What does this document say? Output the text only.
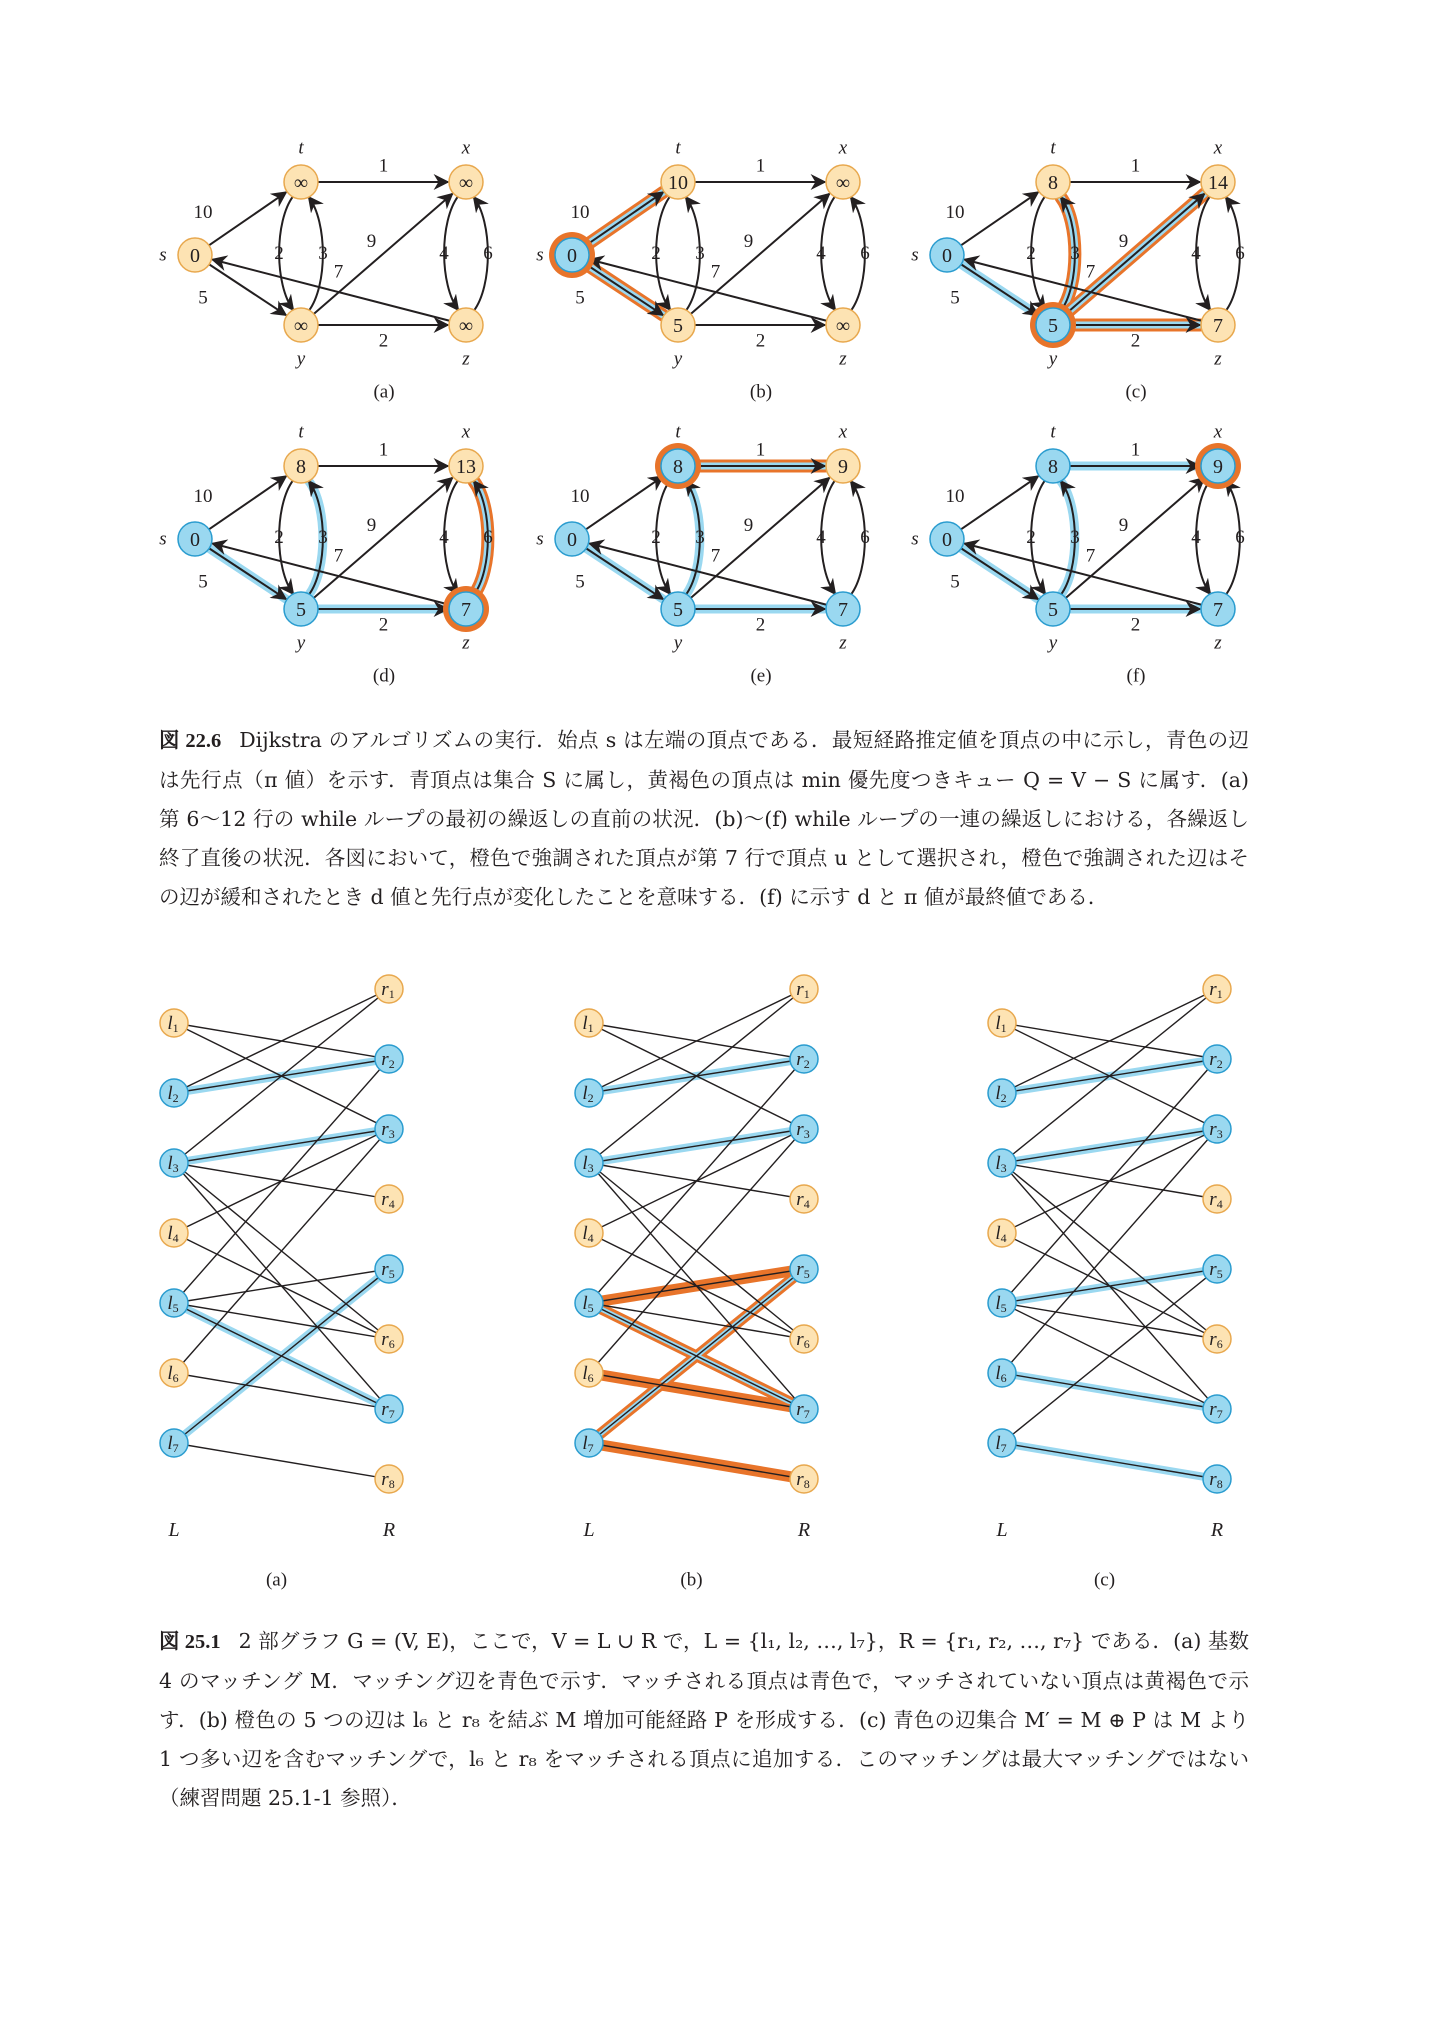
10
5
1
2 3
9
4 6
7
2
0
s
∞
t
∞
x
∞
y
∞
z
(a)
10
5
1
2 3
9
4 6
7
2
0
s
10
t
∞
x
5
y
∞
z
(b)
10
5
1
2 3
9
4 6
7
2
0
s
8
t
14
x
5
y
7
z
(c)
10
5
1
2 3
9
4 6
7
2
0
s
8
t
13
x
5
y
7
z
(d)
10
5
1
2 3
9
4 6
7
2
0
s
8
t
9
x
5
y
7
z
(e)
10
5
1
2 3
9
4 6
7
2
0
s
8
t
9
x
5
y
7
z
(f)
図 22.6 Dijkstra のアルゴリズムの実行．始点 s は左端の頂点である．最短経路推定値を頂点の中に示し，青色の辺は先行点（π 値）を示す．青頂点は集合 S に属し，黄褐色の頂点は min 優先度つきキュー Q = V − S に属す．(a) 第 6〜12 行の while ループの最初の繰返しの直前の状況．(b)〜(f) while ループの一連の繰返しにおける，各繰返し終了直後の状況．各図において，橙色で強調された頂点が第 7 行で頂点 u として選択され，橙色で強調された辺はその辺が緩和されたとき d 値と先行点が変化したことを意味する．(f) に示す d と π 値が最終値である．
$l_1$
$l_2$
$l_3$
$l_4$
$l_5$
$l_6$
$l_7$
$r_1$
$r_2$
$r_3$
$r_4$
$r_5$
$r_6$
$r_7$
$r_8$
L	R
(a)
$l_1$
$l_2$
$l_3$
$l_4$
$l_5$
$l_6$
$l_7$
$r_1$
$r_2$
$r_3$
$r_4$
$r_5$
$r_6$
$r_7$
$r_8$
L	R
(b)
$l_1$
$l_2$
$l_3$
$l_4$
$l_5$
$l_6$
$l_7$
$r_1$
$r_2$
$r_3$
$r_4$
$r_5$
$r_6$
$r_7$
$r_8$
L	R
(c)
図 25.1 2 部グラフ G = (V, E)，ここで，V = L ∪ R で，L = {l₁, l₂, …, l₇}，R = {r₁, r₂, …, r₇} である．(a) 基数 4 のマッチング M．マッチング辺を青色で示す．マッチされる頂点は青色で，マッチされていない頂点は黄褐色で示す．(b) 橙色の 5 つの辺は l₆ と r₈ を結ぶ M 増加可能経路 P を形成する．(c) 青色の辺集合 M′ = M ⊕ P は M より 1 つ多い辺を含むマッチングで，l₆ と r₈ をマッチされる頂点に追加する．このマッチングは最大マッチングではない（練習問題 25.1-1 参照）．
